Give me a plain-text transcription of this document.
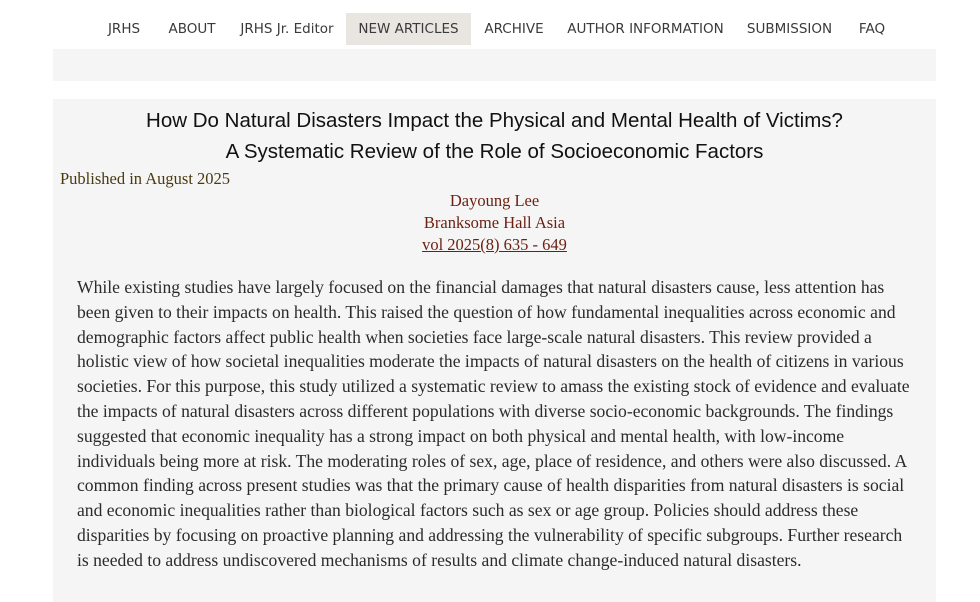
JRHS	ABOUT	JRHS Jr. Editor	NEW ARTICLES	ARCHIVE	AUTHOR INFORMATION	SUBMISSION	FAQ
How Do Natural Disasters Impact the Physical and Mental Health of Victims?
A Systematic Review of the Role of Socioeconomic Factors
Published in August 2025
Dayoung Lee
Branksome Hall Asia
vol 2025(8) 635 - 649

While existing studies have largely focused on the financial damages that natural disasters cause, less attention has been given to their impacts on health. This raised the question of how fundamental inequalities across economic and demographic factors affect public health when societies face large-scale natural disasters. This review provided a holistic view of how societal inequalities moderate the impacts of natural disasters on the health of citizens in various societies. For this purpose, this study utilized a systematic review to amass the existing stock of evidence and evaluate the impacts of natural disasters across different populations with diverse socio-economic backgrounds. The findings suggested that economic inequality has a strong impact on both physical and mental health, with low-income individuals being more at risk. The moderating roles of sex, age, place of residence, and others were also discussed. A common finding across present studies was that the primary cause of health disparities from natural disasters is social and economic inequalities rather than biological factors such as sex or age group. Policies should address these disparities by focusing on proactive planning and addressing the vulnerability of specific subgroups. Further research is needed to address undiscovered mechanisms of results and climate change-induced natural disasters.
